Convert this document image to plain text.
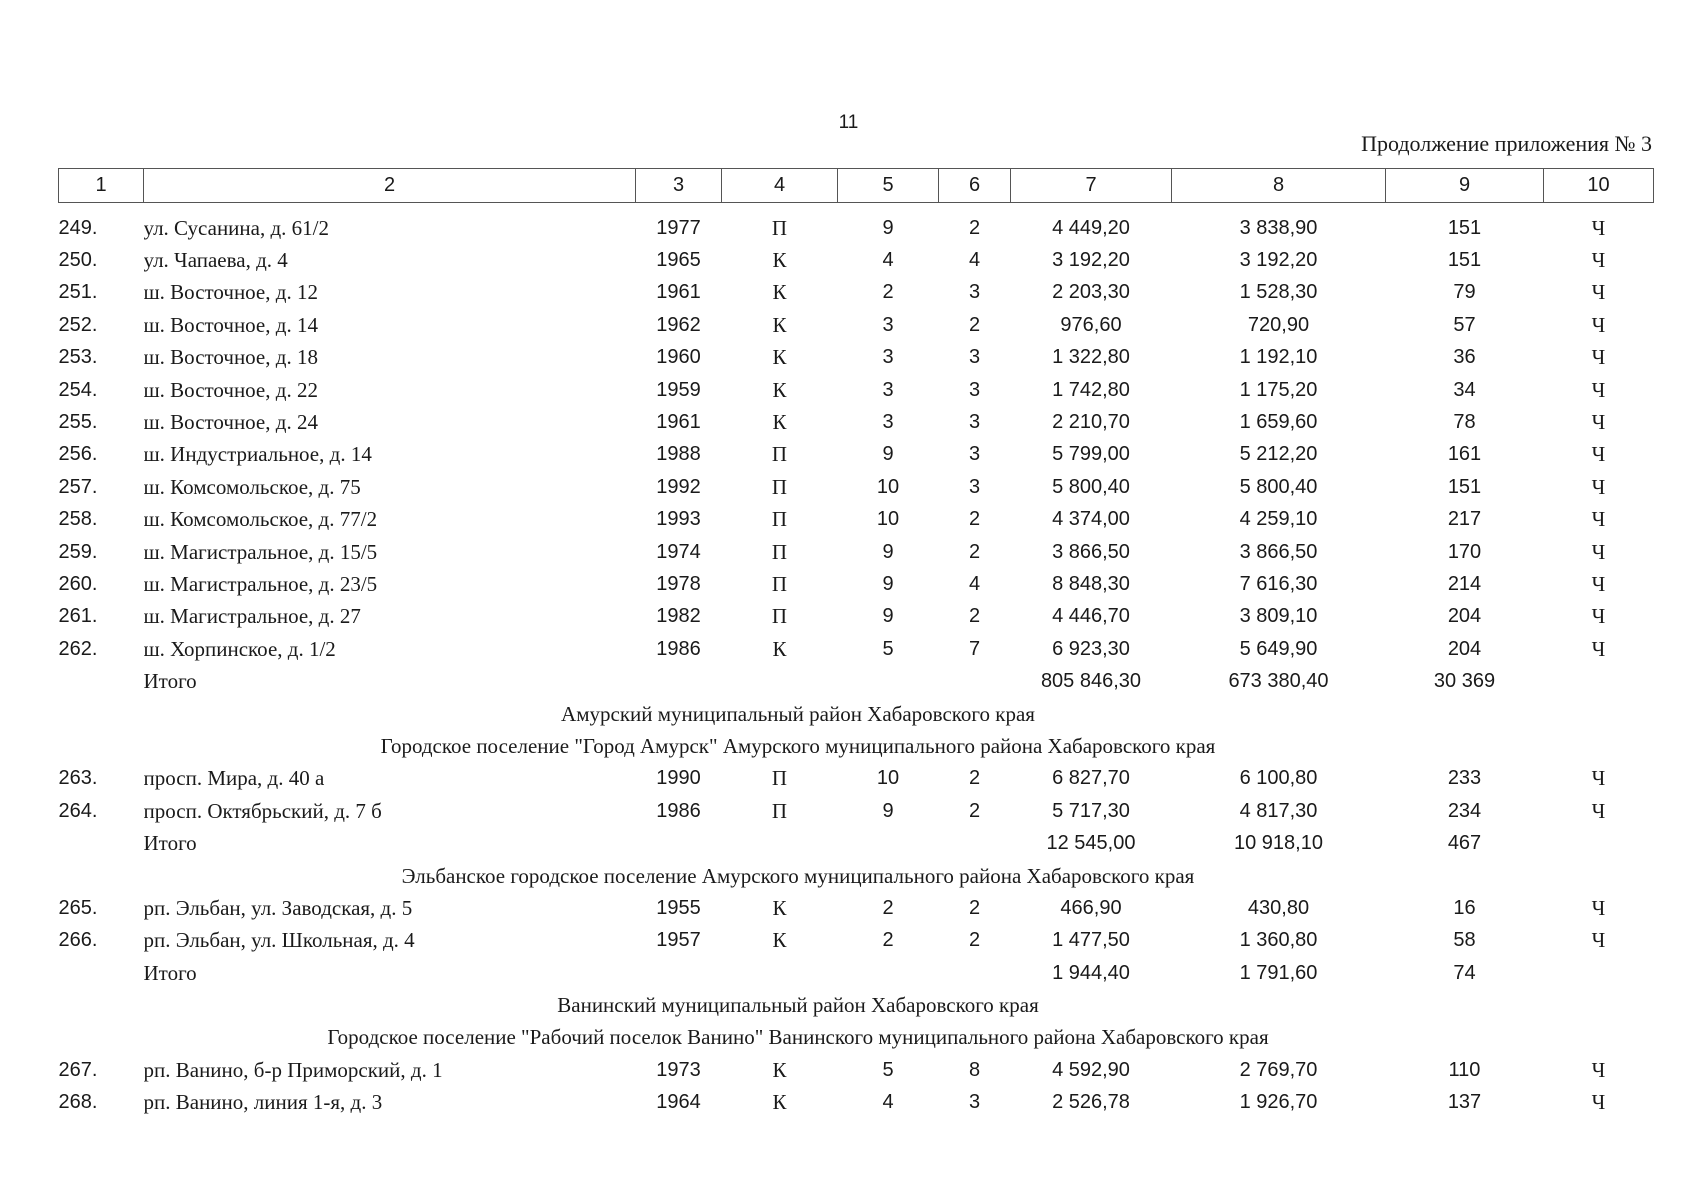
11
Продолжение приложения № 3
1	2	3	4	5	6	7	8	9	10

249.	ул. Сусанина, д. 61/2	1977	П	9	2	4 449,20	3 838,90	151	Ч
250.	ул. Чапаева, д. 4	1965	К	4	4	3 192,20	3 192,20	151	Ч
251.	ш. Восточное, д. 12	1961	К	2	3	2 203,30	1 528,30	79	Ч
252.	ш. Восточное, д. 14	1962	К	3	2	976,60	720,90	57	Ч
253.	ш. Восточное, д. 18	1960	К	3	3	1 322,80	1 192,10	36	Ч
254.	ш. Восточное, д. 22	1959	К	3	3	1 742,80	1 175,20	34	Ч
255.	ш. Восточное, д. 24	1961	К	3	3	2 210,70	1 659,60	78	Ч
256.	ш. Индустриальное, д. 14	1988	П	9	3	5 799,00	5 212,20	161	Ч
257.	ш. Комсомольское, д. 75	1992	П	10	3	5 800,40	5 800,40	151	Ч
258.	ш. Комсомольское, д. 77/2	1993	П	10	2	4 374,00	4 259,10	217	Ч
259.	ш. Магистральное, д. 15/5	1974	П	9	2	3 866,50	3 866,50	170	Ч
260.	ш. Магистральное, д. 23/5	1978	П	9	4	8 848,30	7 616,30	214	Ч
261.	ш. Магистральное, д. 27	1982	П	9	2	4 446,70	3 809,10	204	Ч
262.	ш. Хорпинское, д. 1/2	1986	К	5	7	6 923,30	5 649,90	204	Ч
	Итого					805 846,30	673 380,40	30 369	
Амурский муниципальный район Хабаровского края									
Городское поселение "Город Амурск" Амурского муниципального района Хабаровского края									
263.	просп. Мира, д. 40 а	1990	П	10	2	6 827,70	6 100,80	233	Ч
264.	просп. Октябрьский, д. 7 б	1986	П	9	2	5 717,30	4 817,30	234	Ч
	Итого					12 545,00	10 918,10	467	
Эльбанское городское поселение Амурского муниципального района Хабаровского края									
265.	рп. Эльбан, ул. Заводская, д. 5	1955	К	2	2	466,90	430,80	16	Ч
266.	рп. Эльбан, ул. Школьная, д. 4	1957	К	2	2	1 477,50	1 360,80	58	Ч
	Итого					1 944,40	1 791,60	74	
Ванинский муниципальный район Хабаровского края									
Городское поселение "Рабочий поселок Ванино" Ванинского муниципального района Хабаровского края									
267.	рп. Ванино, б-р Приморский, д. 1	1973	К	5	8	4 592,90	2 769,70	110	Ч
268.	рп. Ванино, линия 1-я, д. 3	1964	К	4	3	2 526,78	1 926,70	137	Ч
